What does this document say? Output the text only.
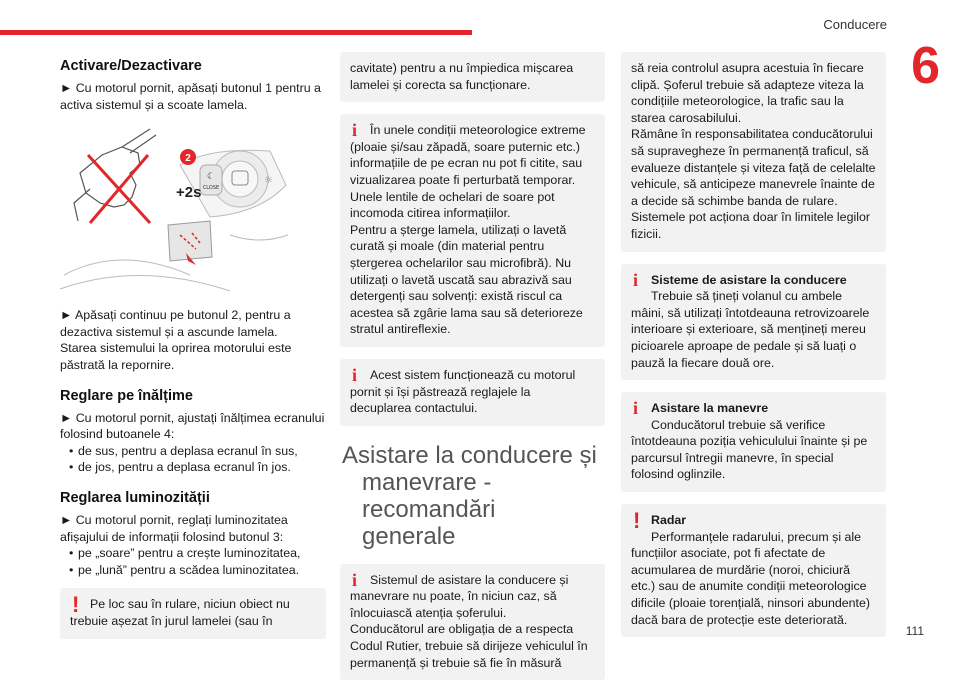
Conducere
6
Activare/Dezactivare
► Cu motorul pornit, apăsați butonul 1 pentru a activa sistemul și a scoate lamela.
☾
CLOSE
☼
2
+2s
► Apăsați continuu pe butonul 2, pentru a dezactiva sistemul și a ascunde lamela.
Starea sistemului la oprirea motorului este păstrată la repornire.
Reglare pe înălțime
► Cu motorul pornit, ajustați înălțimea ecranului folosind butoanele 4:
• de sus, pentru a deplasa ecranul în sus,
• de jos, pentru a deplasa ecranul în jos.
Reglarea luminozității
► Cu motorul pornit, reglați luminozitatea afișajului de informații folosind butonul 3:
• pe „soare” pentru a crește luminozitatea,
• pe „lună” pentru a scădea luminozitatea.
! Pe loc sau în rulare, niciun obiect nu trebuie așezat în jurul lamelei (sau în
cavitate) pentru a nu împiedica mișcarea lamelei și corecta sa funcționare.
i	În unele condiții meteorologice extreme (ploaie și/sau zăpadă, soare puternic etc.) informațiile de pe ecran nu pot fi citite, sau vizualizarea poate fi perturbată temporar. Unele lentile de ochelari de soare pot incomoda citirea informațiilor.
Pentru a șterge lamela, utilizați o lavetă curată și moale (din material pentru ștergerea ochelarilor sau microfibră). Nu utilizați o lavetă uscată sau abrazivă sau detergenți sau solvenți: există riscul ca acestea să zgârie lama sau să deterioreze stratul antireflexie.
i	Acest sistem funcționează cu motorul pornit și își păstrează reglajele la decuplarea contactului.
Asistare la conducere și
manevrare - recomandări
generale
i	Sistemul de asistare la conducere și manevrare nu poate, în niciun caz, să înlocuiască atenția șoferului.
Conducătorul are obligația de a respecta Codul Rutier, trebuie să dirijeze vehiculul în permanență și trebuie să fie în măsură
să reia controlul asupra acestuia în fiecare clipă. Șoferul trebuie să adapteze viteza la condițiile meteorologice, la trafic sau la starea carosabilului.
Rămâne în responsabilitatea conducătorului să supravegheze în permanență traficul, să evalueze distanțele și viteza față de celelalte vehicule, să anticipeze manevrele înainte de a decide să schimbe banda de rulare.
Sistemele pot acționa doar în limitele legilor fizicii.
i	Sisteme de asistare la conducere
Trebuie să țineți volanul cu ambele mâini, să utilizați întotdeauna retrovizoarele interioare și exterioare, să mențineți mereu picioarele aproape de pedale și să luați o pauză la fiecare două ore.
i	Asistare la manevre
Conducătorul trebuie să verifice întotdeauna poziția vehiculului înainte și pe parcursul întregii manevre, în special folosind oglinzile.
! Radar
Performanțele radarului, precum și ale funcțiilor asociate, pot fi afectate de acumularea de murdărie (noroi, chiciură etc.) sau de anumite condiții meteorologice dificile (ploaie torențială, ninsori abundente) dacă bara de protecție este deteriorată.
111
